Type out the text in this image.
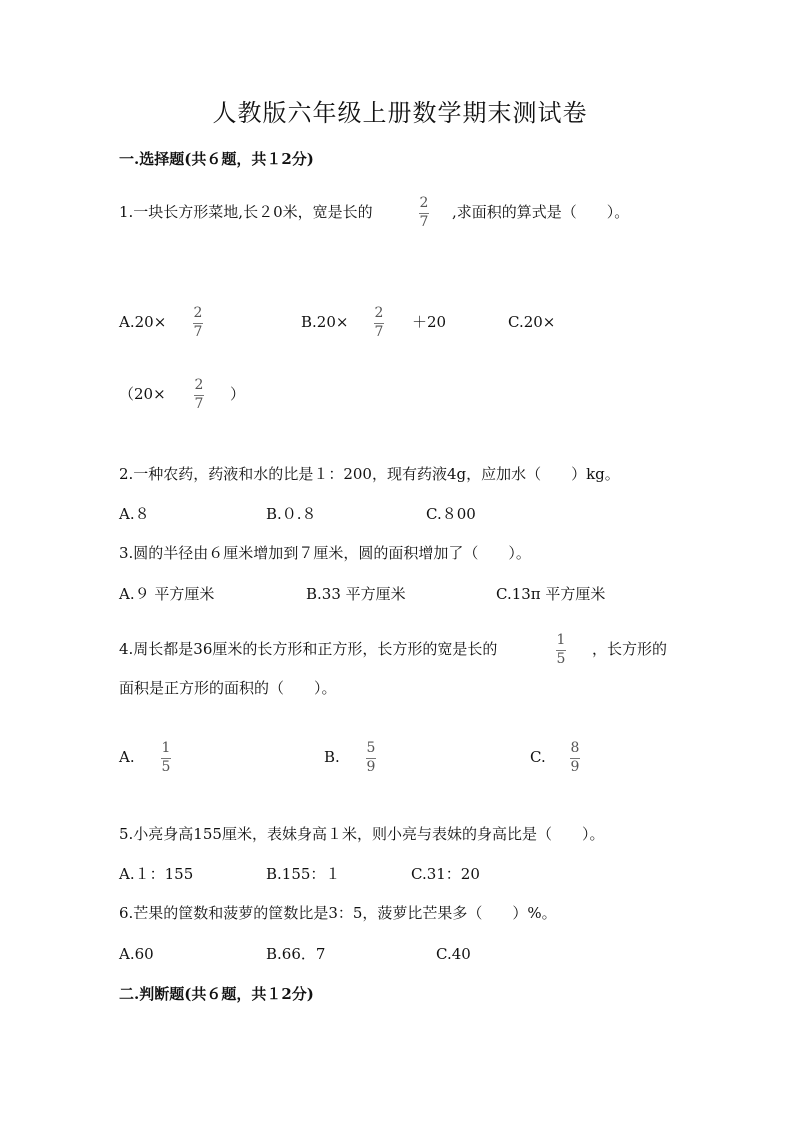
人教版六年级上册数学期末测试卷
一.选择题(共６题，共１2分)
1.一块长方形菜地,长２0米，宽是长的	2
7
,求面积的算式是（　　）。
A.20× 2
7
B.20× 2
7
＋20	C.20×
（20× 2
7
）
2.一种农药，药液和水的比是１：200，现有药液4g，应加水（　　）kg。
A.８	B.０.８	C.８00
3.圆的半径由６厘米增加到７厘米，圆的面积增加了（　　）。
A.９ 平方厘米	B.33 平方厘米	C.13π 平方厘米
4.周长都是36厘米的长方形和正方形，长方形的宽是长的	1
5
，长方形的
面积是正方形的面积的（　　）。
A. 1
5
B. 5
9
C. 8
9
5.小亮身高155厘米，表妹身高１米，则小亮与表妹的身高比是（　　）。
A.１：155	B.155：１	C.31：20
6.芒果的筐数和菠萝的筐数比是3：5，菠萝比芒果多（　　）%。
A.60	B.66．7	C.40
二.判断题(共６题，共１2分)
